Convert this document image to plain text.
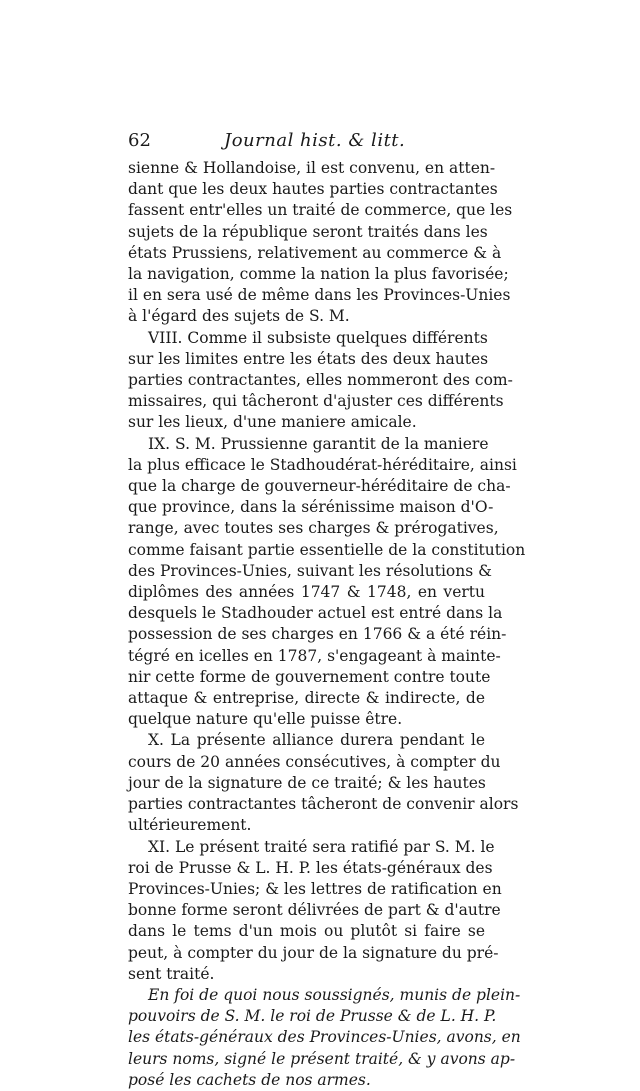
62	Journal hist. & litt.
sienne & Hollandoise, il est convenu, en atten-
dant que les deux hautes parties contractantes
fassent entr'elles un traité de commerce, que les
sujets de la république seront traités dans les
états Prussiens, relativement au commerce & à
la navigation, comme la nation la plus favorisée;
il en sera usé de même dans les Provinces-Unies
à l'égard des sujets de S. M.
VIII. Comme il subsiste quelques différents
sur les limites entre les états des deux hautes
parties contractantes, elles nommeront des com-
missaires, qui tâcheront d'ajuster ces différents
sur les lieux, d'une maniere amicale.
IX. S. M. Prussienne garantit de la maniere
la plus efficace le Stadhoudérat-héréditaire, ainsi
que la charge de gouverneur-héréditaire de cha-
que province, dans la sérénissime maison d'O-
range, avec toutes ses charges & prérogatives,
comme faisant partie essentielle de la constitution
des Provinces-Unies, suivant les résolutions &
diplômes des années 1747 & 1748, en vertu
desquels le Stadhouder actuel est entré dans la
possession de ses charges en 1766 & a été réin-
tégré en icelles en 1787, s'engageant à mainte-
nir cette forme de gouvernement contre toute
attaque & entreprise, directe & indirecte, de
quelque nature qu'elle puisse être.
X. La présente alliance durera pendant le
cours de 20 années consécutives, à compter du
jour de la signature de ce traité; & les hautes
parties contractantes tâcheront de convenir alors
ultérieurement.
XI. Le présent traité sera ratifié par S. M. le
roi de Prusse & L. H. P. les états-généraux des
Provinces-Unies; & les lettres de ratification en
bonne forme seront délivrées de part & d'autre
dans le tems d'un mois ou plutôt si faire se
peut, à compter du jour de la signature du pré-
sent traité.
En foi de quoi nous soussignés, munis de plein-
pouvoirs de S. M. le roi de Prusse & de L. H. P.
les états-généraux des Provinces-Unies, avons, en
leurs noms, signé le présent traité, & y avons ap-
posé les cachets de nos armes.
